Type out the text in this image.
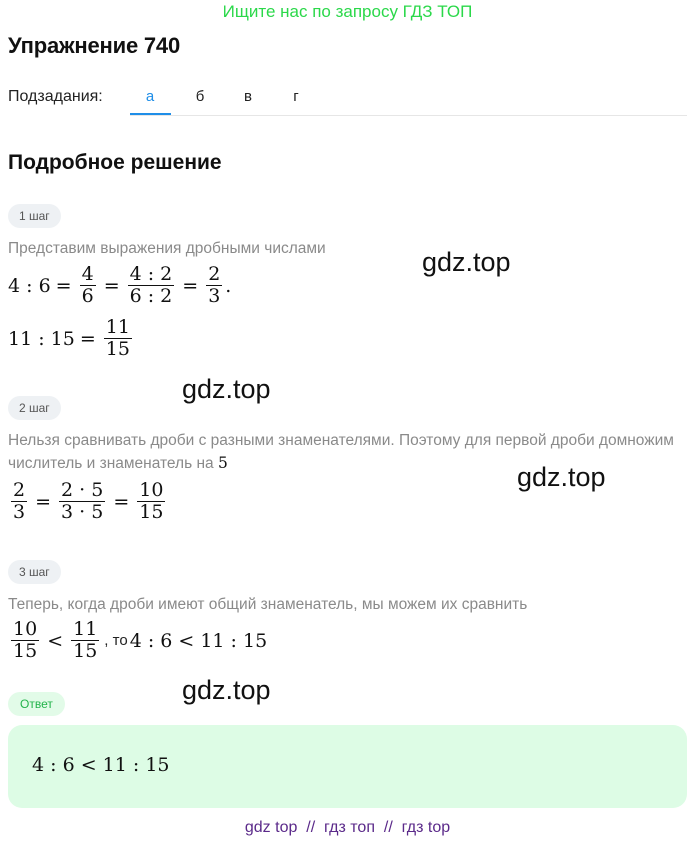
Ищите нас по запросу ГДЗ ТОП
Упражнение 740
Подзадания:	а	б	в	г
Подробное решение
1 шаг
Представим выражения дробными числами
4 : $6 = \frac{4}{6} = \frac{4 : 2}{6 : 2} = \frac{2}{3}$ .
11 : $15 = \frac{11}{15}$
2 шаг
Нельзя сравнивать дроби с разными знаменателями. Поэтому для первой дроби домножим числитель и знаменатель на 5
$\frac{2}{3} = \frac{2 \cdot 5}{3 \cdot 5} = \frac{10}{15}$
3 шаг
Теперь, когда дроби имеют общий знаменатель, мы можем их сравнить
$\frac{10}{15} < \frac{11}{15}$ , то 4 : 6 < 11 : 15
Ответ
4 : 6 < 11 : 15
gdz.top
gdz.top
gdz.top
gdz.top
gdz top  //  гдз топ  //  гдз top
